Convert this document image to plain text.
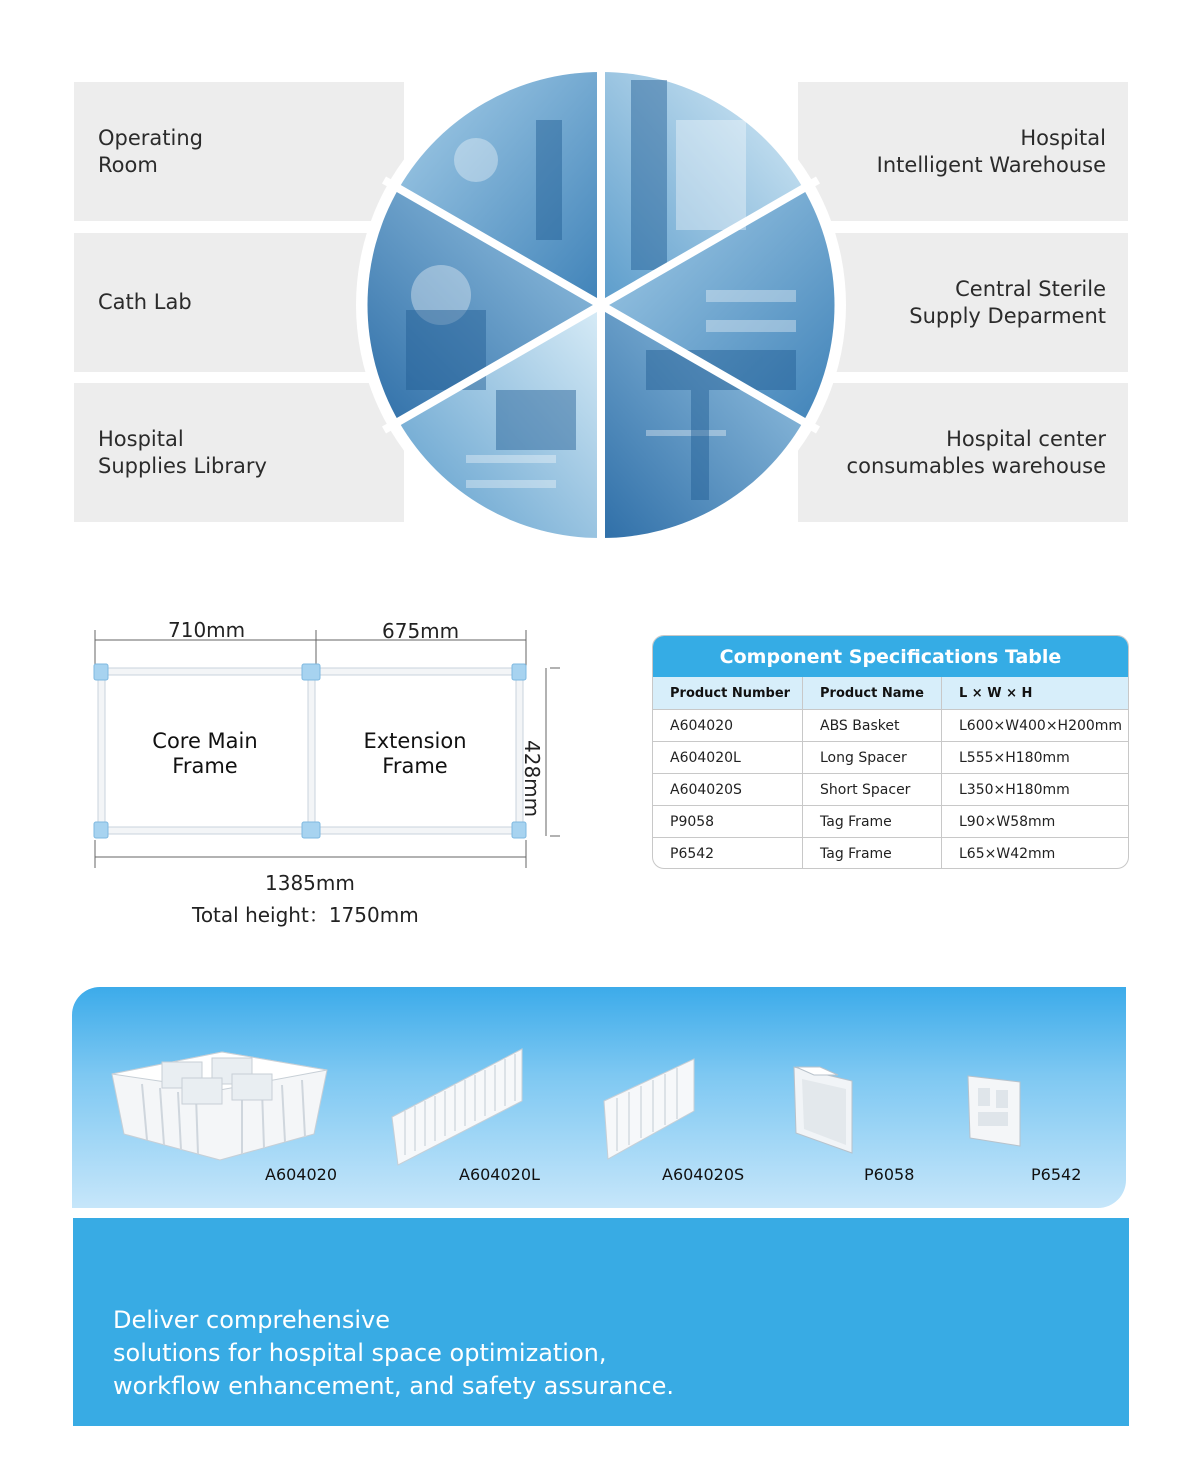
Operating
Room
Cath Lab
Hospital
Supplies Library
Hospital
Intelligent Warehouse
Central Sterile
Supply Deparment
Hospital center
consumables warehouse
710mm	675mm
428mm
Core Main
Frame
Extension
Frame
1385mm
Total height：1750mm
Component Specifications Table
Product Number	Product Name	L × W × H
A604020	ABS Basket	L600×W400×H200mm
A604020L	Long Spacer	L555×H180mm
A604020S	Short Spacer	L350×H180mm
P9058	Tag Frame	L90×W58mm
P6542	Tag Frame	L65×W42mm
A604020	A604020L	A604020S	P6058	P6542
Deliver comprehensive
solutions for hospital space optimization,
workflow enhancement, and safety assurance.
